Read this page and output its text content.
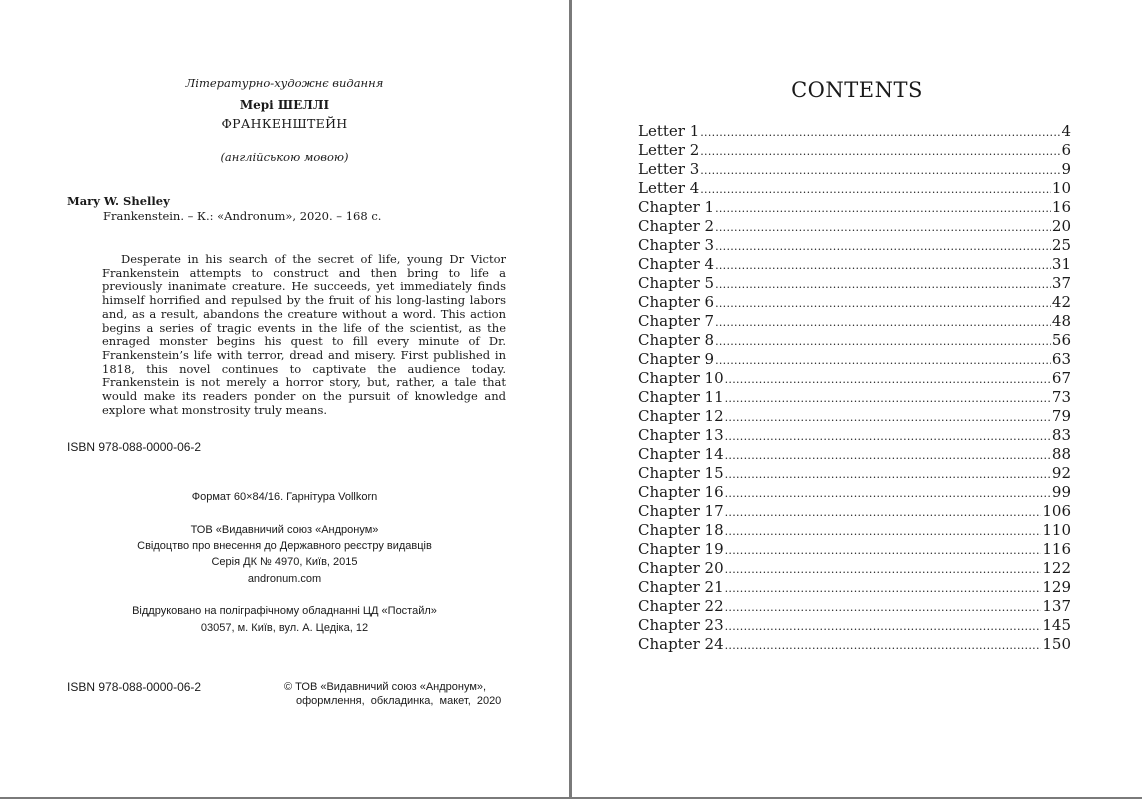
Літературно-художнє видання
Мері ШЕЛЛІ
ФРАНКЕНШТЕЙН
(англійською мовою)
Mary W. Shelley
Frankenstein. – К.: «Andronum», 2020. – 168 с.
Desperate in his search of the secret of life, young Dr Victor Frankenstein attempts to construct and then bring to life a previously inanimate creature. He succeeds, yet immediately finds himself horrified and repulsed by the fruit of his long-lasting labors and, as a result, abandons the creature without a word. This action begins a series of tragic events in the life of the scientist, as the enraged monster begins his quest to fill every minute of Dr. Frankenstein’s life with terror, dread and misery. First published in 1818, this novel continues to captivate the audience today. Frankenstein is not merely a horror story, but, rather, a tale that would make its readers ponder on the pursuit of knowledge and explore what monstrosity truly means.
ISBN 978-088-0000-06-2
Формат 60×84/16. Гарнітура Vollkorn
ТОВ «Видавничий союз «Андронум»
Свідоцтво про внесення до Державного реєстру видавців
Серія ДК № 4970, Київ, 2015
andronum.com
Віддруковано на поліграфічному обладнанні ЦД «Постайл»
03057, м. Київ, вул. А. Цедіка, 12
ISBN 978-088-0000-06-2	© ТОВ «Видавничий союз «Андронум»,
оформлення, обкладинка, макет, 2020
CONTENTS
Letter 1 .....	4
Letter 2 .....	6
Letter 3 .....	9
Letter 4 .....	10
Chapter 1 .....	16
Chapter 2 .....	20
Chapter 3 .....	25
Chapter 4 .....	31
Chapter 5 .....	37
Chapter 6 .....	42
Chapter 7 .....	48
Chapter 8 .....	56
Chapter 9 .....	63
Chapter 10 .....	67
Chapter 11 .....	73
Chapter 12 .....	79
Chapter 13 .....	83
Chapter 14 .....	88
Chapter 15 .....	92
Chapter 16 .....	99
Chapter 17 .....	106
Chapter 18 .....	110
Chapter 19 .....	116
Chapter 20 .....	122
Chapter 21 .....	129
Chapter 22 .....	137
Chapter 23 .....	145
Chapter 24 .....	150
